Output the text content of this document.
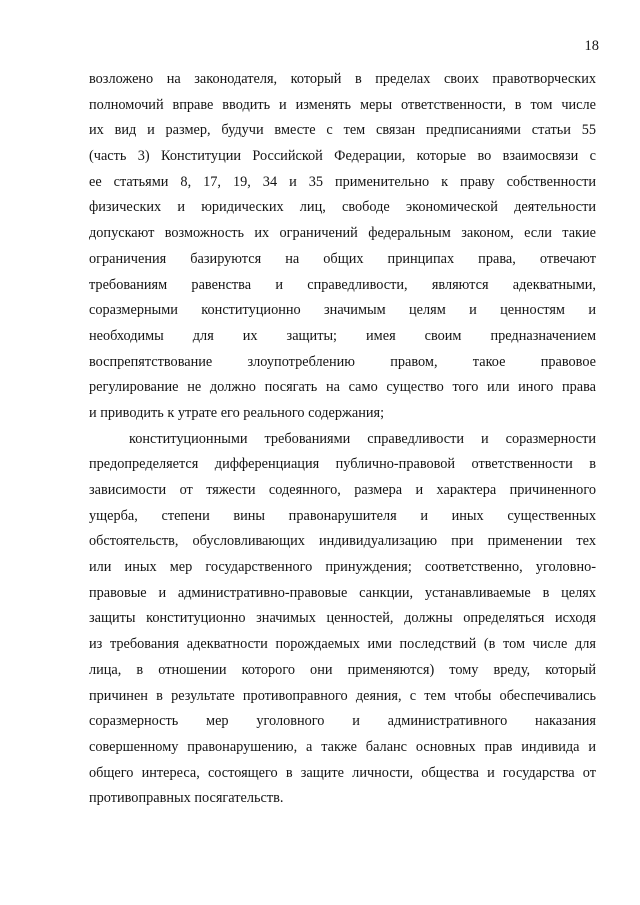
18
возложено на законодателя, который в пределах своих правотворческих
полномочий вправе вводить и изменять меры ответственности, в том числе
их вид и размер, будучи вместе с тем связан предписаниями статьи 55
(часть 3) Конституции Российской Федерации, которые во взаимосвязи с
ее статьями 8, 17, 19, 34 и 35 применительно к праву собственности
физических и юридических лиц, свободе экономической деятельности
допускают возможность их ограничений федеральным законом, если такие
ограничения базируются на общих принципах права, отвечают
требованиям равенства и справедливости, являются адекватными,
соразмерными конституционно значимым целям и ценностям и
необходимы для их защиты; имея своим предназначением
воспрепятствование злоупотреблению правом, такое правовое
регулирование не должно посягать на само существо того или иного права
и приводить к утрате его реального содержания;
конституционными требованиями справедливости и соразмерности
предопределяется дифференциация публично-правовой ответственности в
зависимости от тяжести содеянного, размера и характера причиненного
ущерба, степени вины правонарушителя и иных существенных
обстоятельств, обусловливающих индивидуализацию при применении тех
или иных мер государственного принуждения; соответственно, уголовно-
правовые и административно-правовые санкции, устанавливаемые в целях
защиты конституционно значимых ценностей, должны определяться исходя
из требования адекватности порождаемых ими последствий (в том числе для
лица, в отношении которого они применяются) тому вреду, который
причинен в результате противоправного деяния, с тем чтобы обеспечивались
соразмерность мер уголовного и административного наказания
совершенному правонарушению, а также баланс основных прав индивида и
общего интереса, состоящего в защите личности, общества и государства от
противоправных посягательств.
